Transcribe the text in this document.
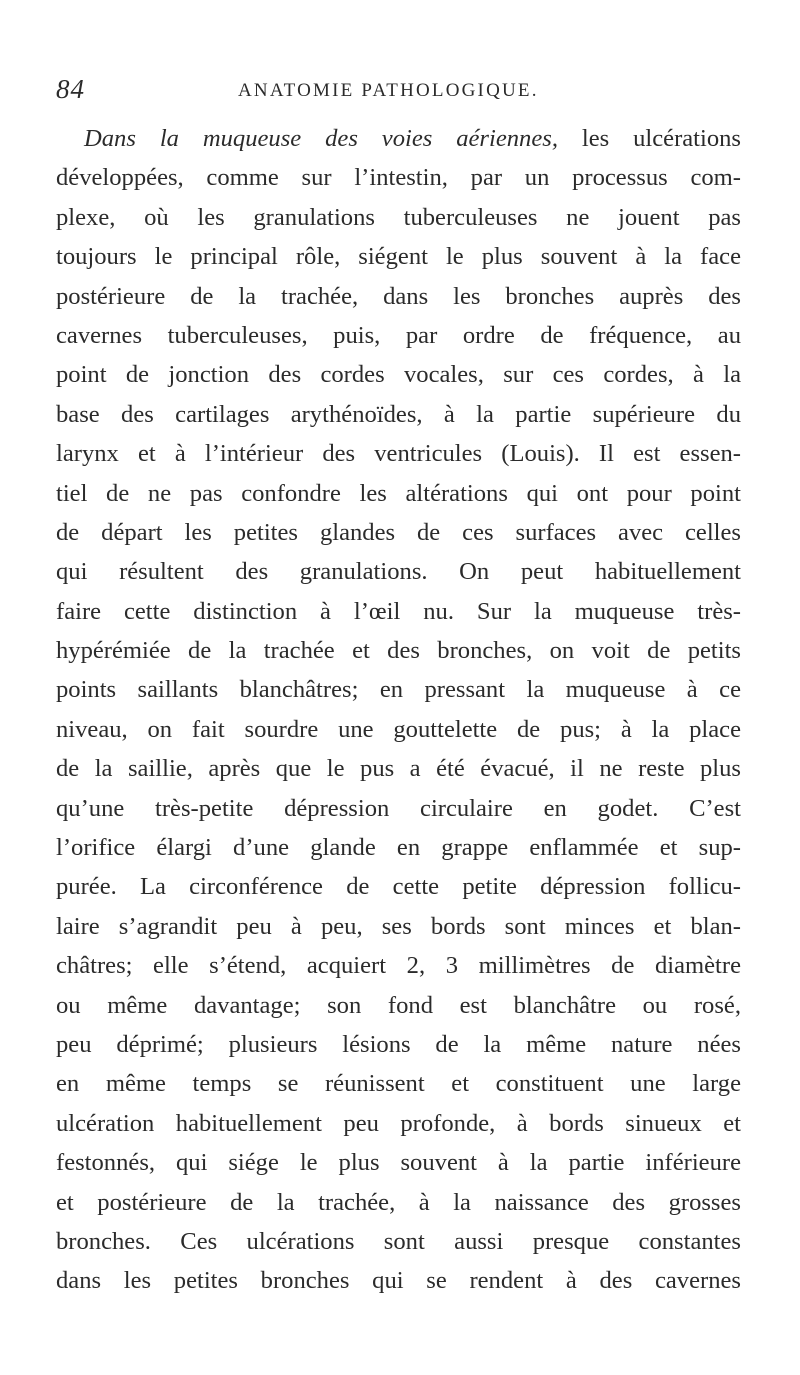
84	ANATOMIE PATHOLOGIQUE.
Dans la muqueuse des voies aériennes, les ulcérations
développées, comme sur l’intestin, par un processus com-
plexe, où les granulations tuberculeuses ne jouent pas
toujours le principal rôle, siégent le plus souvent à la face
postérieure de la trachée, dans les bronches auprès des
cavernes tuberculeuses, puis, par ordre de fréquence, au
point de jonction des cordes vocales, sur ces cordes, à la
base des cartilages arythénoïdes, à la partie supérieure du
larynx et à l’intérieur des ventricules (Louis). Il est essen-
tiel de ne pas confondre les altérations qui ont pour point
de départ les petites glandes de ces surfaces avec celles
qui résultent des granulations. On peut habituellement
faire cette distinction à l’œil nu. Sur la muqueuse très-
hypérémiée de la trachée et des bronches, on voit de petits
points saillants blanchâtres; en pressant la muqueuse à ce
niveau, on fait sourdre une gouttelette de pus; à la place
de la saillie, après que le pus a été évacué, il ne reste plus
qu’une très-petite dépression circulaire en godet. C’est
l’orifice élargi d’une glande en grappe enflammée et sup-
purée. La circonférence de cette petite dépression follicu-
laire s’agrandit peu à peu, ses bords sont minces et blan-
châtres; elle s’étend, acquiert 2, 3 millimètres de diamètre
ou même davantage; son fond est blanchâtre ou rosé,
peu déprimé; plusieurs lésions de la même nature nées
en même temps se réunissent et constituent une large
ulcération habituellement peu profonde, à bords sinueux et
festonnés, qui siége le plus souvent à la partie inférieure
et postérieure de la trachée, à la naissance des grosses
bronches. Ces ulcérations sont aussi presque constantes
dans les petites bronches qui se rendent à des cavernes
